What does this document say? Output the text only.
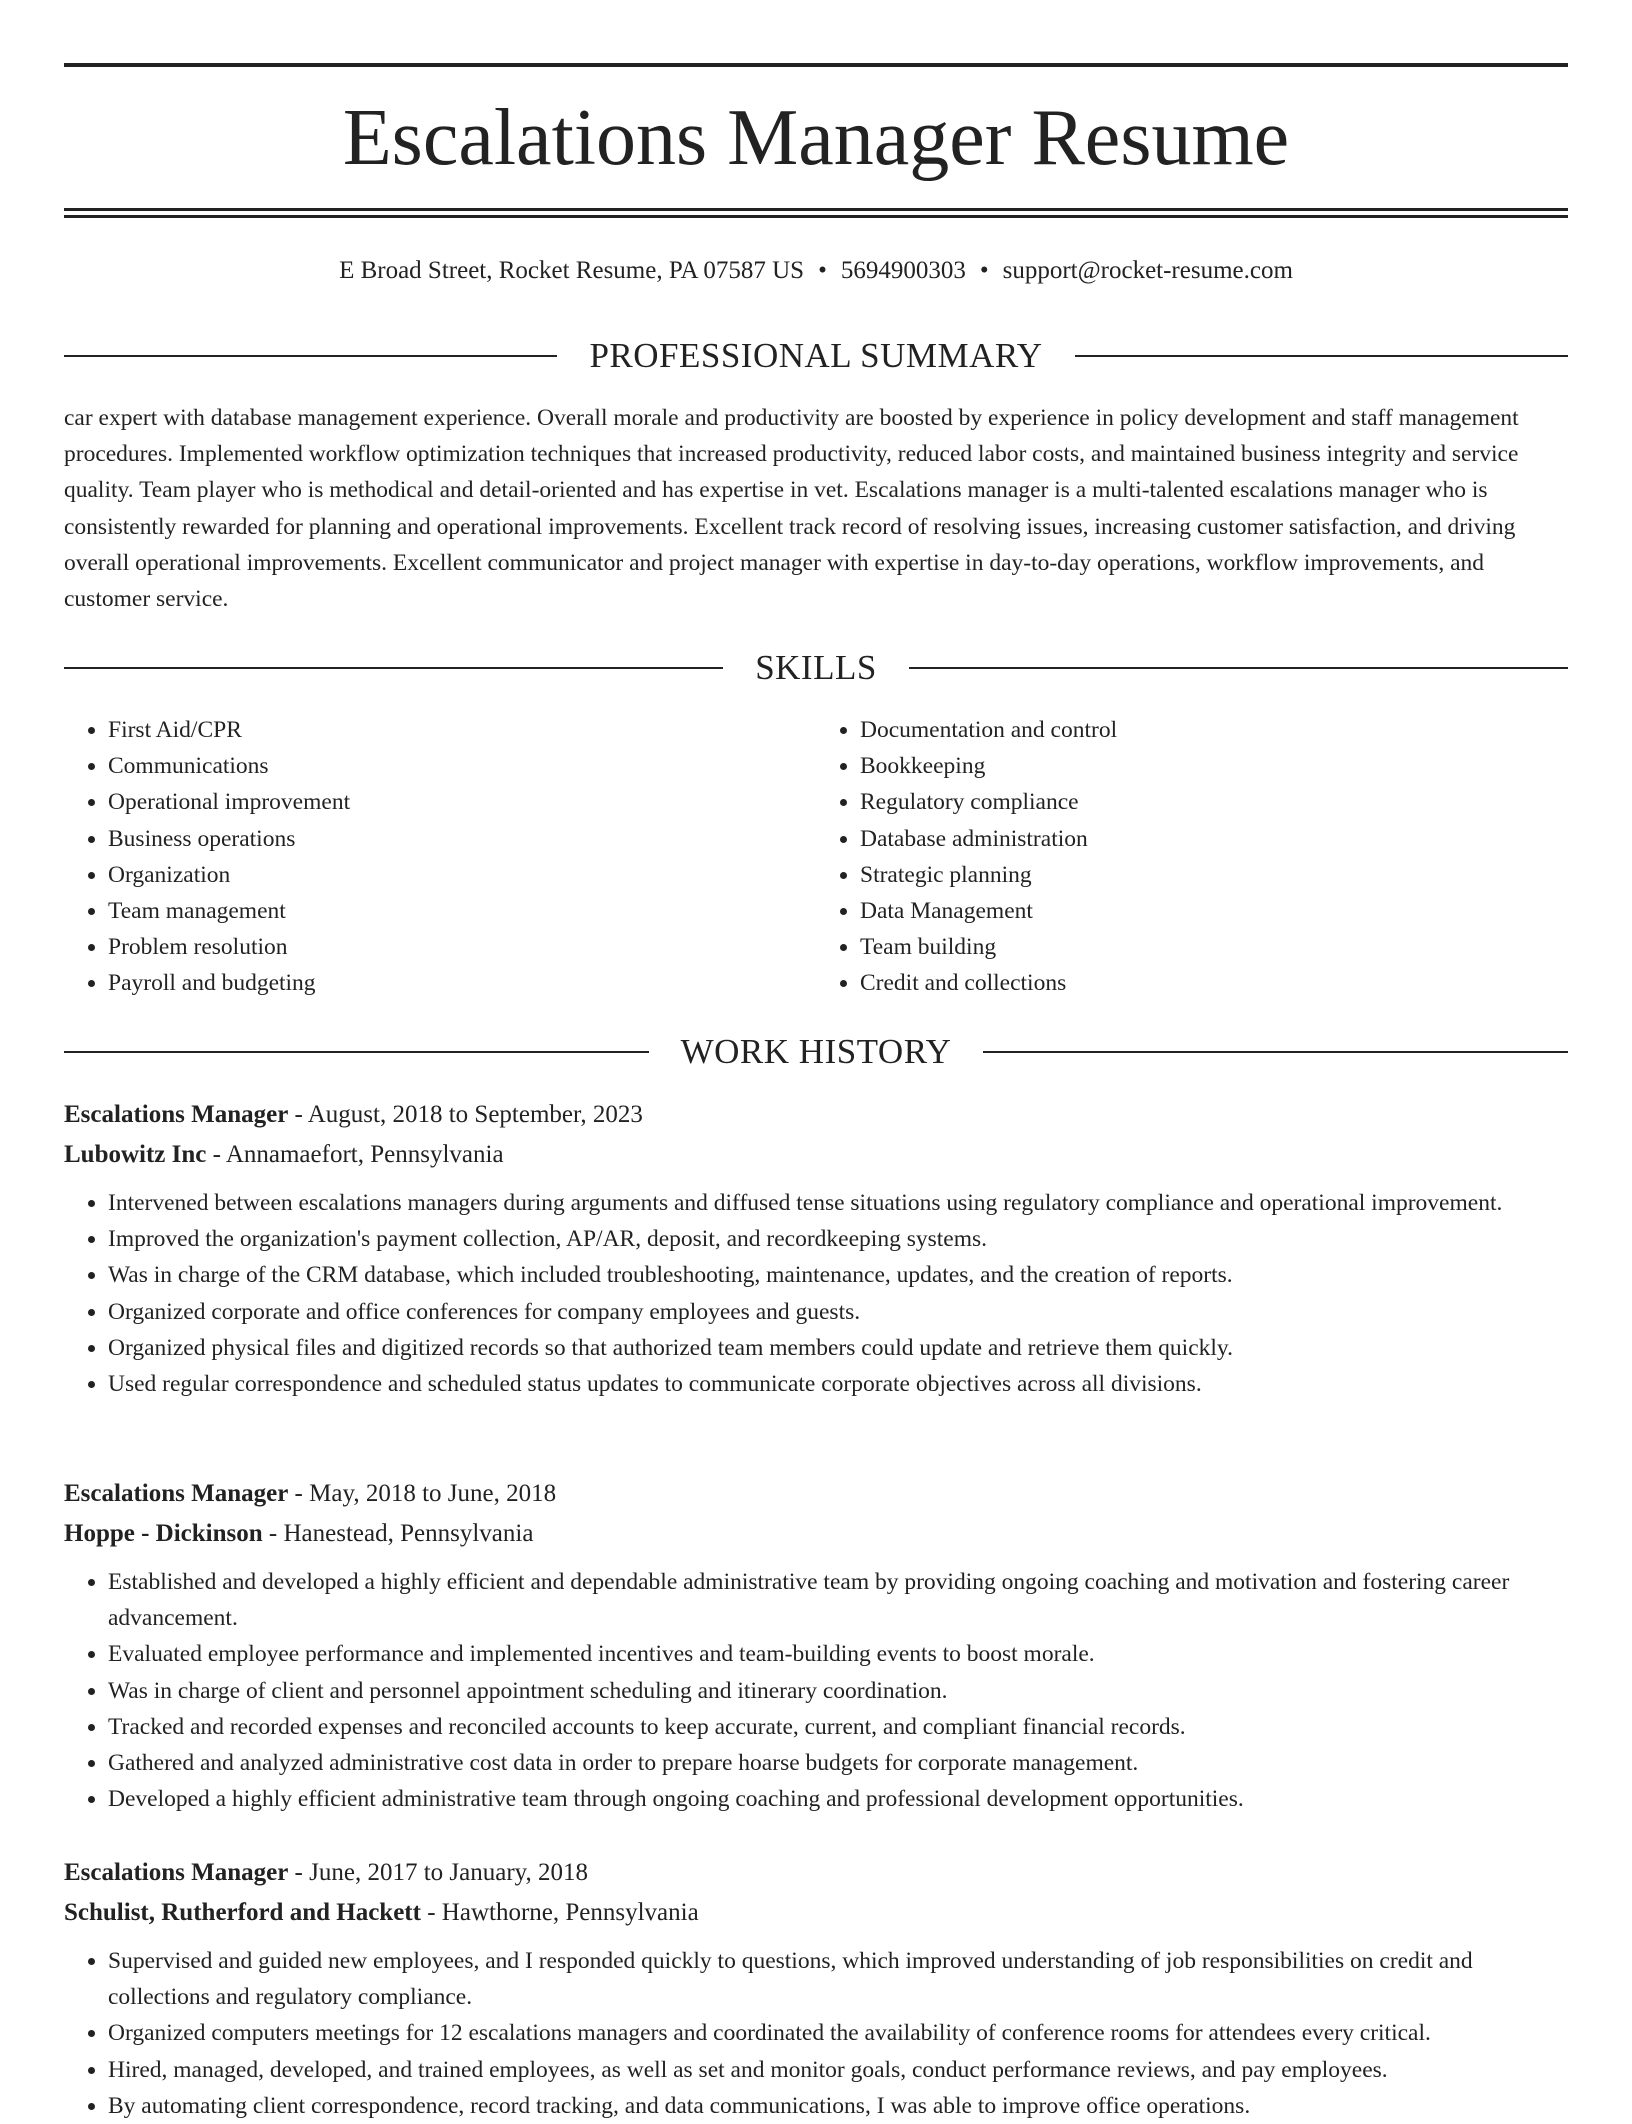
Escalations Manager Resume
E Broad Street, Rocket Resume, PA 07587 US • 5694900303 • support@rocket-resume.com
PROFESSIONAL SUMMARY

car expert with database management experience. Overall morale and productivity are boosted by experience in policy development and staff management procedures. Implemented workflow optimization techniques that increased productivity, reduced labor costs, and maintained business integrity and service quality. Team player who is methodical and detail-oriented and has expertise in vet. Escalations manager is a multi-talented escalations manager who is consistently rewarded for planning and operational improvements. Excellent track record of resolving issues, increasing customer satisfaction, and driving overall operational improvements. Excellent communicator and project manager with expertise in day-to-day operations, workflow improvements, and customer service.

SKILLS
• First Aid/CPR
• Communications
• Operational improvement
• Business operations
• Organization
• Team management
• Problem resolution
• Payroll and budgeting
• Documentation and control
• Bookkeeping
• Regulatory compliance
• Database administration
• Strategic planning
• Data Management
• Team building
• Credit and collections
WORK HISTORY

Escalations Manager - August, 2018 to September, 2023

Lubowitz Inc - Annamaefort, Pennsylvania

• Intervened between escalations managers during arguments and diffused tense situations using regulatory compliance and operational improvement.
• Improved the organization's payment collection, AP/AR, deposit, and recordkeeping systems.
• Was in charge of the CRM database, which included troubleshooting, maintenance, updates, and the creation of reports.
• Organized corporate and office conferences for company employees and guests.
• Organized physical files and digitized records so that authorized team members could update and retrieve them quickly.
• Used regular correspondence and scheduled status updates to communicate corporate objectives across all divisions.

Escalations Manager - May, 2018 to June, 2018

Hoppe - Dickinson - Hanestead, Pennsylvania

• Established and developed a highly efficient and dependable administrative team by providing ongoing coaching and motivation and fostering career advancement.
• Evaluated employee performance and implemented incentives and team-building events to boost morale.
• Was in charge of client and personnel appointment scheduling and itinerary coordination.
• Tracked and recorded expenses and reconciled accounts to keep accurate, current, and compliant financial records.
• Gathered and analyzed administrative cost data in order to prepare hoarse budgets for corporate management.
• Developed a highly efficient administrative team through ongoing coaching and professional development opportunities.

Escalations Manager - June, 2017 to January, 2018

Schulist, Rutherford and Hackett - Hawthorne, Pennsylvania

• Supervised and guided new employees, and I responded quickly to questions, which improved understanding of job responsibilities on credit and collections and regulatory compliance.
• Organized computers meetings for 12 escalations managers and coordinated the availability of conference rooms for attendees every critical.
• Hired, managed, developed, and trained employees, as well as set and monitor goals, conduct performance reviews, and pay employees.
• By automating client correspondence, record tracking, and data communications, I was able to improve office operations.
